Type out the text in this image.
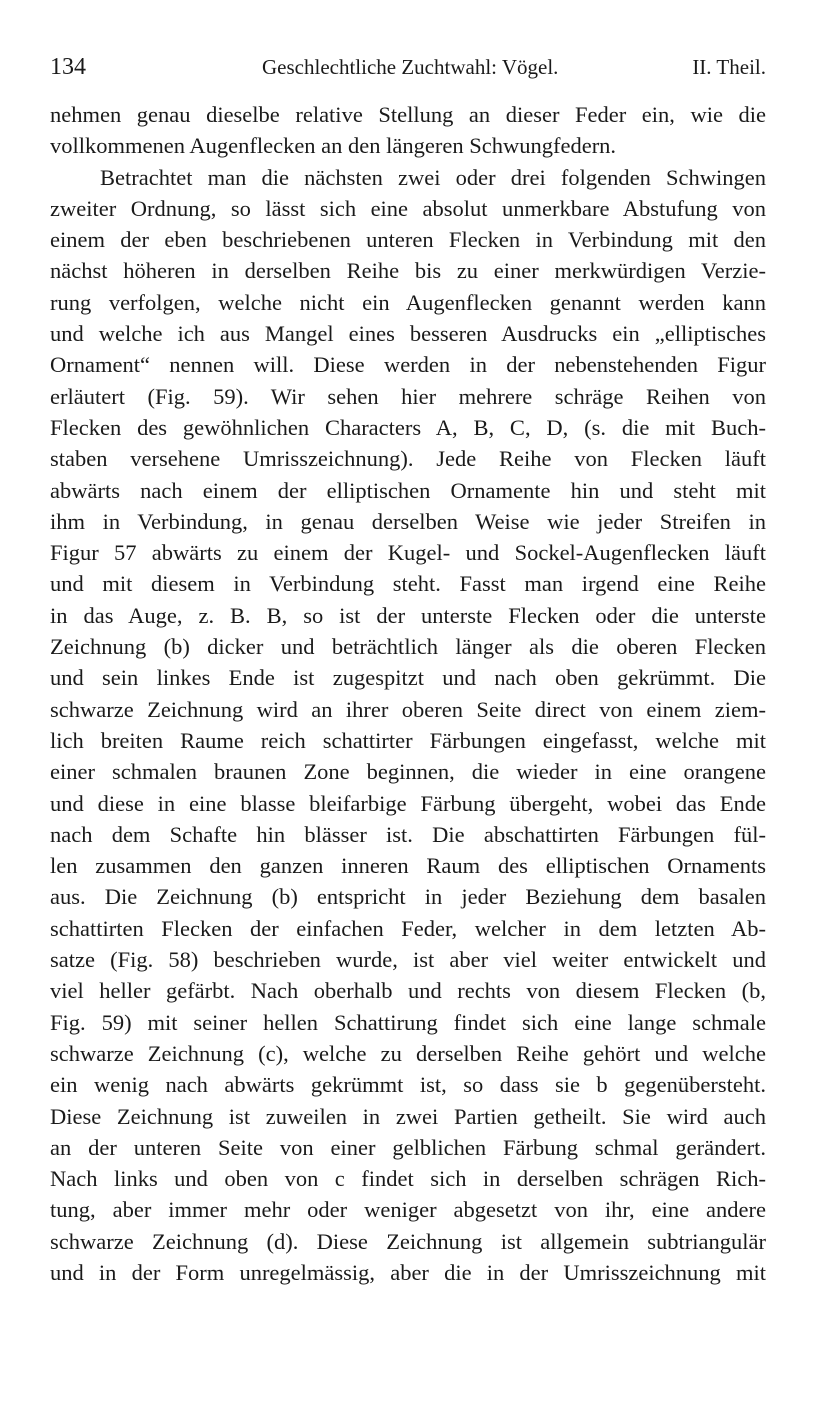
134	Geschlechtliche Zuchtwahl: Vögel.	II. Theil.
nehmen genau dieselbe relative Stellung an dieser Feder ein, wie die
vollkommenen Augenflecken an den längeren Schwungfedern.
Betrachtet man die nächsten zwei oder drei folgenden Schwingen
zweiter Ordnung, so lässt sich eine absolut unmerkbare Abstufung von
einem der eben beschriebenen unteren Flecken in Verbindung mit den
nächst höheren in derselben Reihe bis zu einer merkwürdigen Verzie-
rung verfolgen, welche nicht ein Augenflecken genannt werden kann
und welche ich aus Mangel eines besseren Ausdrucks ein „elliptisches
Ornament“ nennen will. Diese werden in der nebenstehenden Figur
erläutert (Fig. 59). Wir sehen hier mehrere schräge Reihen von
Flecken des gewöhnlichen Characters A, B, C, D, (s. die mit Buch-
staben versehene Umrisszeichnung). Jede Reihe von Flecken läuft
abwärts nach einem der elliptischen Ornamente hin und steht mit
ihm in Verbindung, in genau derselben Weise wie jeder Streifen in
Figur 57 abwärts zu einem der Kugel- und Sockel-Augenflecken läuft
und mit diesem in Verbindung steht. Fasst man irgend eine Reihe
in das Auge, z. B. B, so ist der unterste Flecken oder die unterste
Zeichnung (b) dicker und beträchtlich länger als die oberen Flecken
und sein linkes Ende ist zugespitzt und nach oben gekrümmt. Die
schwarze Zeichnung wird an ihrer oberen Seite direct von einem ziem-
lich breiten Raume reich schattirter Färbungen eingefasst, welche mit
einer schmalen braunen Zone beginnen, die wieder in eine orangene
und diese in eine blasse bleifarbige Färbung übergeht, wobei das Ende
nach dem Schafte hin blässer ist. Die abschattirten Färbungen fül-
len zusammen den ganzen inneren Raum des elliptischen Ornaments
aus. Die Zeichnung (b) entspricht in jeder Beziehung dem basalen
schattirten Flecken der einfachen Feder, welcher in dem letzten Ab-
satze (Fig. 58) beschrieben wurde, ist aber viel weiter entwickelt und
viel heller gefärbt. Nach oberhalb und rechts von diesem Flecken (b,
Fig. 59) mit seiner hellen Schattirung findet sich eine lange schmale
schwarze Zeichnung (c), welche zu derselben Reihe gehört und welche
ein wenig nach abwärts gekrümmt ist, so dass sie b gegenübersteht.
Diese Zeichnung ist zuweilen in zwei Partien getheilt. Sie wird auch
an der unteren Seite von einer gelblichen Färbung schmal gerändert.
Nach links und oben von c findet sich in derselben schrägen Rich-
tung, aber immer mehr oder weniger abgesetzt von ihr, eine andere
schwarze Zeichnung (d). Diese Zeichnung ist allgemein subtriangulär
und in der Form unregelmässig, aber die in der Umrisszeichnung mit
